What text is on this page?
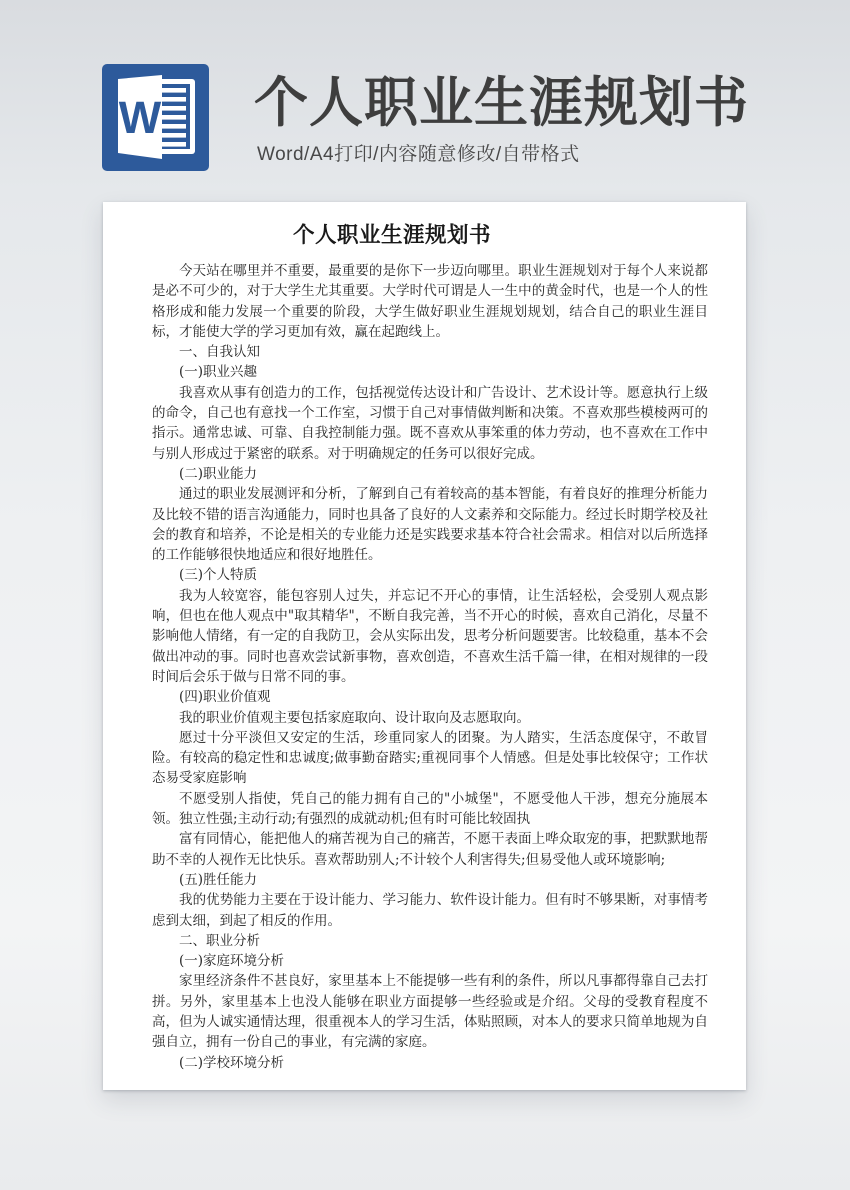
W 个人职业生涯规划书

Word/A4打印/内容随意修改/自带格式

个人职业生涯规划书

今天站在哪里并不重要，最重要的是你下一步迈向哪里。职业生涯规划对于每个人来说都是必不可少的，对于大学生尤其重要。大学时代可谓是人一生中的黄金时代，也是一个人的性格形成和能力发展一个重要的阶段，大学生做好职业生涯规划规划，结合自己的职业生涯目标，才能使大学的学习更加有效，赢在起跑线上。

一、自我认知

(一)职业兴趣

我喜欢从事有创造力的工作，包括视觉传达设计和广告设计、艺术设计等。愿意执行上级的命令，自己也有意找一个工作室，习惯于自己对事情做判断和决策。不喜欢那些模棱两可的指示。通常忠诚、可靠、自我控制能力强。既不喜欢从事笨重的体力劳动，也不喜欢在工作中与别人形成过于紧密的联系。对于明确规定的任务可以很好完成。

(二)职业能力

通过的职业发展测评和分析，了解到自己有着较高的基本智能，有着良好的推理分析能力及比较不错的语言沟通能力，同时也具备了良好的人文素养和交际能力。经过长时期学校及社会的教育和培养，不论是相关的专业能力还是实践要求基本符合社会需求。相信对以后所选择的工作能够很快地适应和很好地胜任。

(三)个人特质

我为人较宽容，能包容别人过失，并忘记不开心的事情，让生活轻松，会受别人观点影响，但也在他人观点中"取其精华"，不断自我完善，当不开心的时候，喜欢自己消化，尽量不影响他人情绪，有一定的自我防卫，会从实际出发，思考分析问题要害。比较稳重，基本不会做出冲动的事。同时也喜欢尝试新事物，喜欢创造，不喜欢生活千篇一律，在相对规律的一段时间后会乐于做与日常不同的事。

(四)职业价值观

我的职业价值观主要包括家庭取向、设计取向及志愿取向。

愿过十分平淡但又安定的生活，珍重同家人的团聚。为人踏实，生活态度保守，不敢冒险。有较高的稳定性和忠诚度;做事勤奋踏实;重视同事个人情感。但是处事比较保守；工作状态易受家庭影响

不愿受别人指使，凭自己的能力拥有自己的"小城堡"，不愿受他人干涉，想充分施展本领。独立性强;主动行动;有强烈的成就动机;但有时可能比较固执

富有同情心，能把他人的痛苦视为自己的痛苦，不愿干表面上哗众取宠的事，把默默地帮助不幸的人视作无比快乐。喜欢帮助别人;不计较个人利害得失;但易受他人或环境影响;

(五)胜任能力

我的优势能力主要在于设计能力、学习能力、软件设计能力。但有时不够果断，对事情考虑到太细，到起了相反的作用。

二、职业分析

(一)家庭环境分析

家里经济条件不甚良好，家里基本上不能提够一些有利的条件，所以凡事都得靠自己去打拼。另外，家里基本上也没人能够在职业方面提够一些经验或是介绍。父母的受教育程度不高，但为人诚实通情达理，很重视本人的学习生活，体贴照顾，对本人的要求只简单地规为自强自立，拥有一份自己的事业，有完满的家庭。

(二)学校环境分析
